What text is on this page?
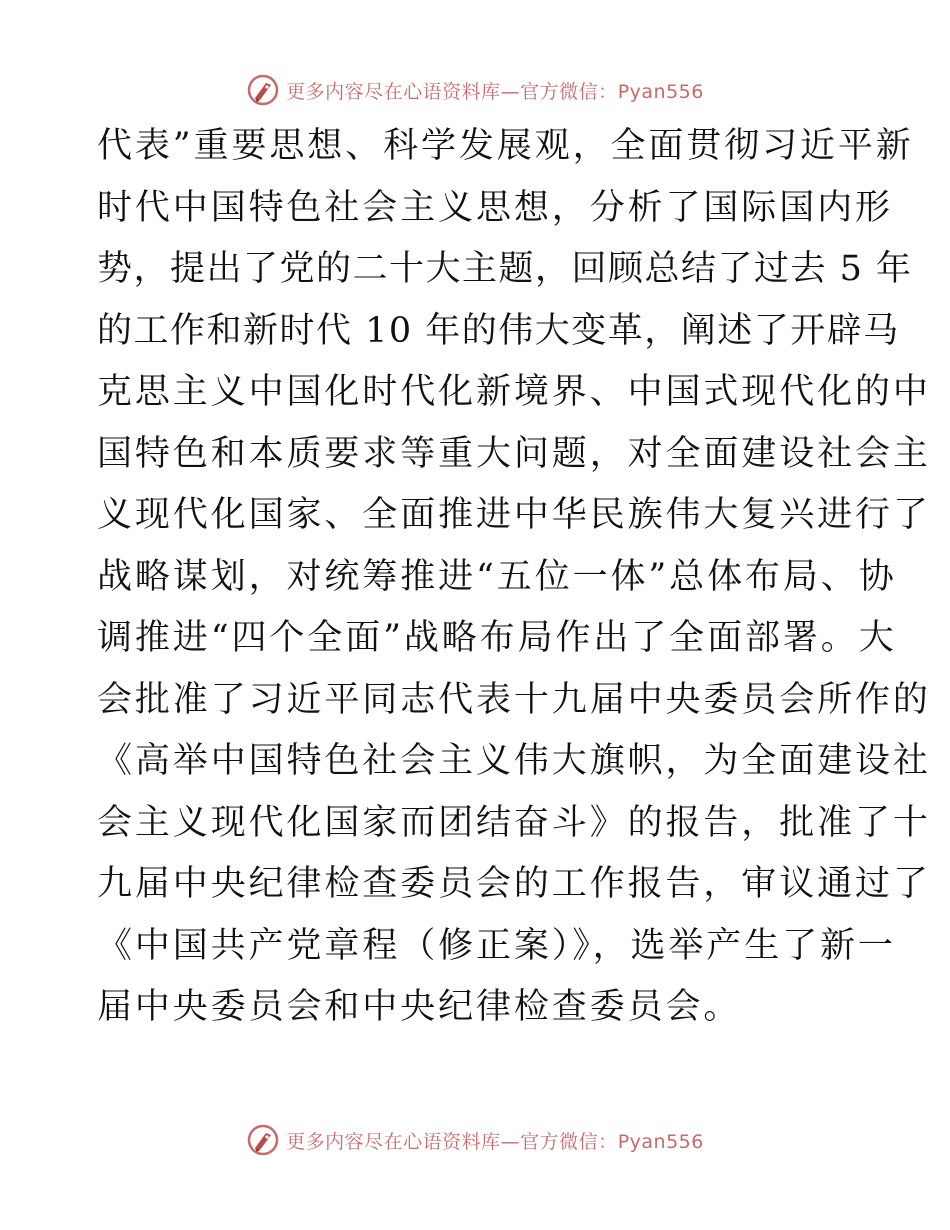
更多内容尽在心语资料库—官方微信：Pyan556
代表”重要思想、科学发展观，全面贯彻习近平新
时代中国特色社会主义思想，分析了国际国内形
势，提出了党的二十大主题，回顾总结了过去 5 年
的工作和新时代 10 年的伟大变革，阐述了开辟马
克思主义中国化时代化新境界、中国式现代化的中
国特色和本质要求等重大问题，对全面建设社会主
义现代化国家、全面推进中华民族伟大复兴进行了
战略谋划，对统筹推进“五位一体”总体布局、协
调推进“四个全面”战略布局作出了全面部署。大
会批准了习近平同志代表十九届中央委员会所作的
《高举中国特色社会主义伟大旗帜，为全面建设社
会主义现代化国家而团结奋斗》的报告，批准了十
九届中央纪律检查委员会的工作报告，审议通过了
《中国共产党章程（修正案）》，选举产生了新一
届中央委员会和中央纪律检查委员会。
更多内容尽在心语资料库—官方微信：Pyan556
